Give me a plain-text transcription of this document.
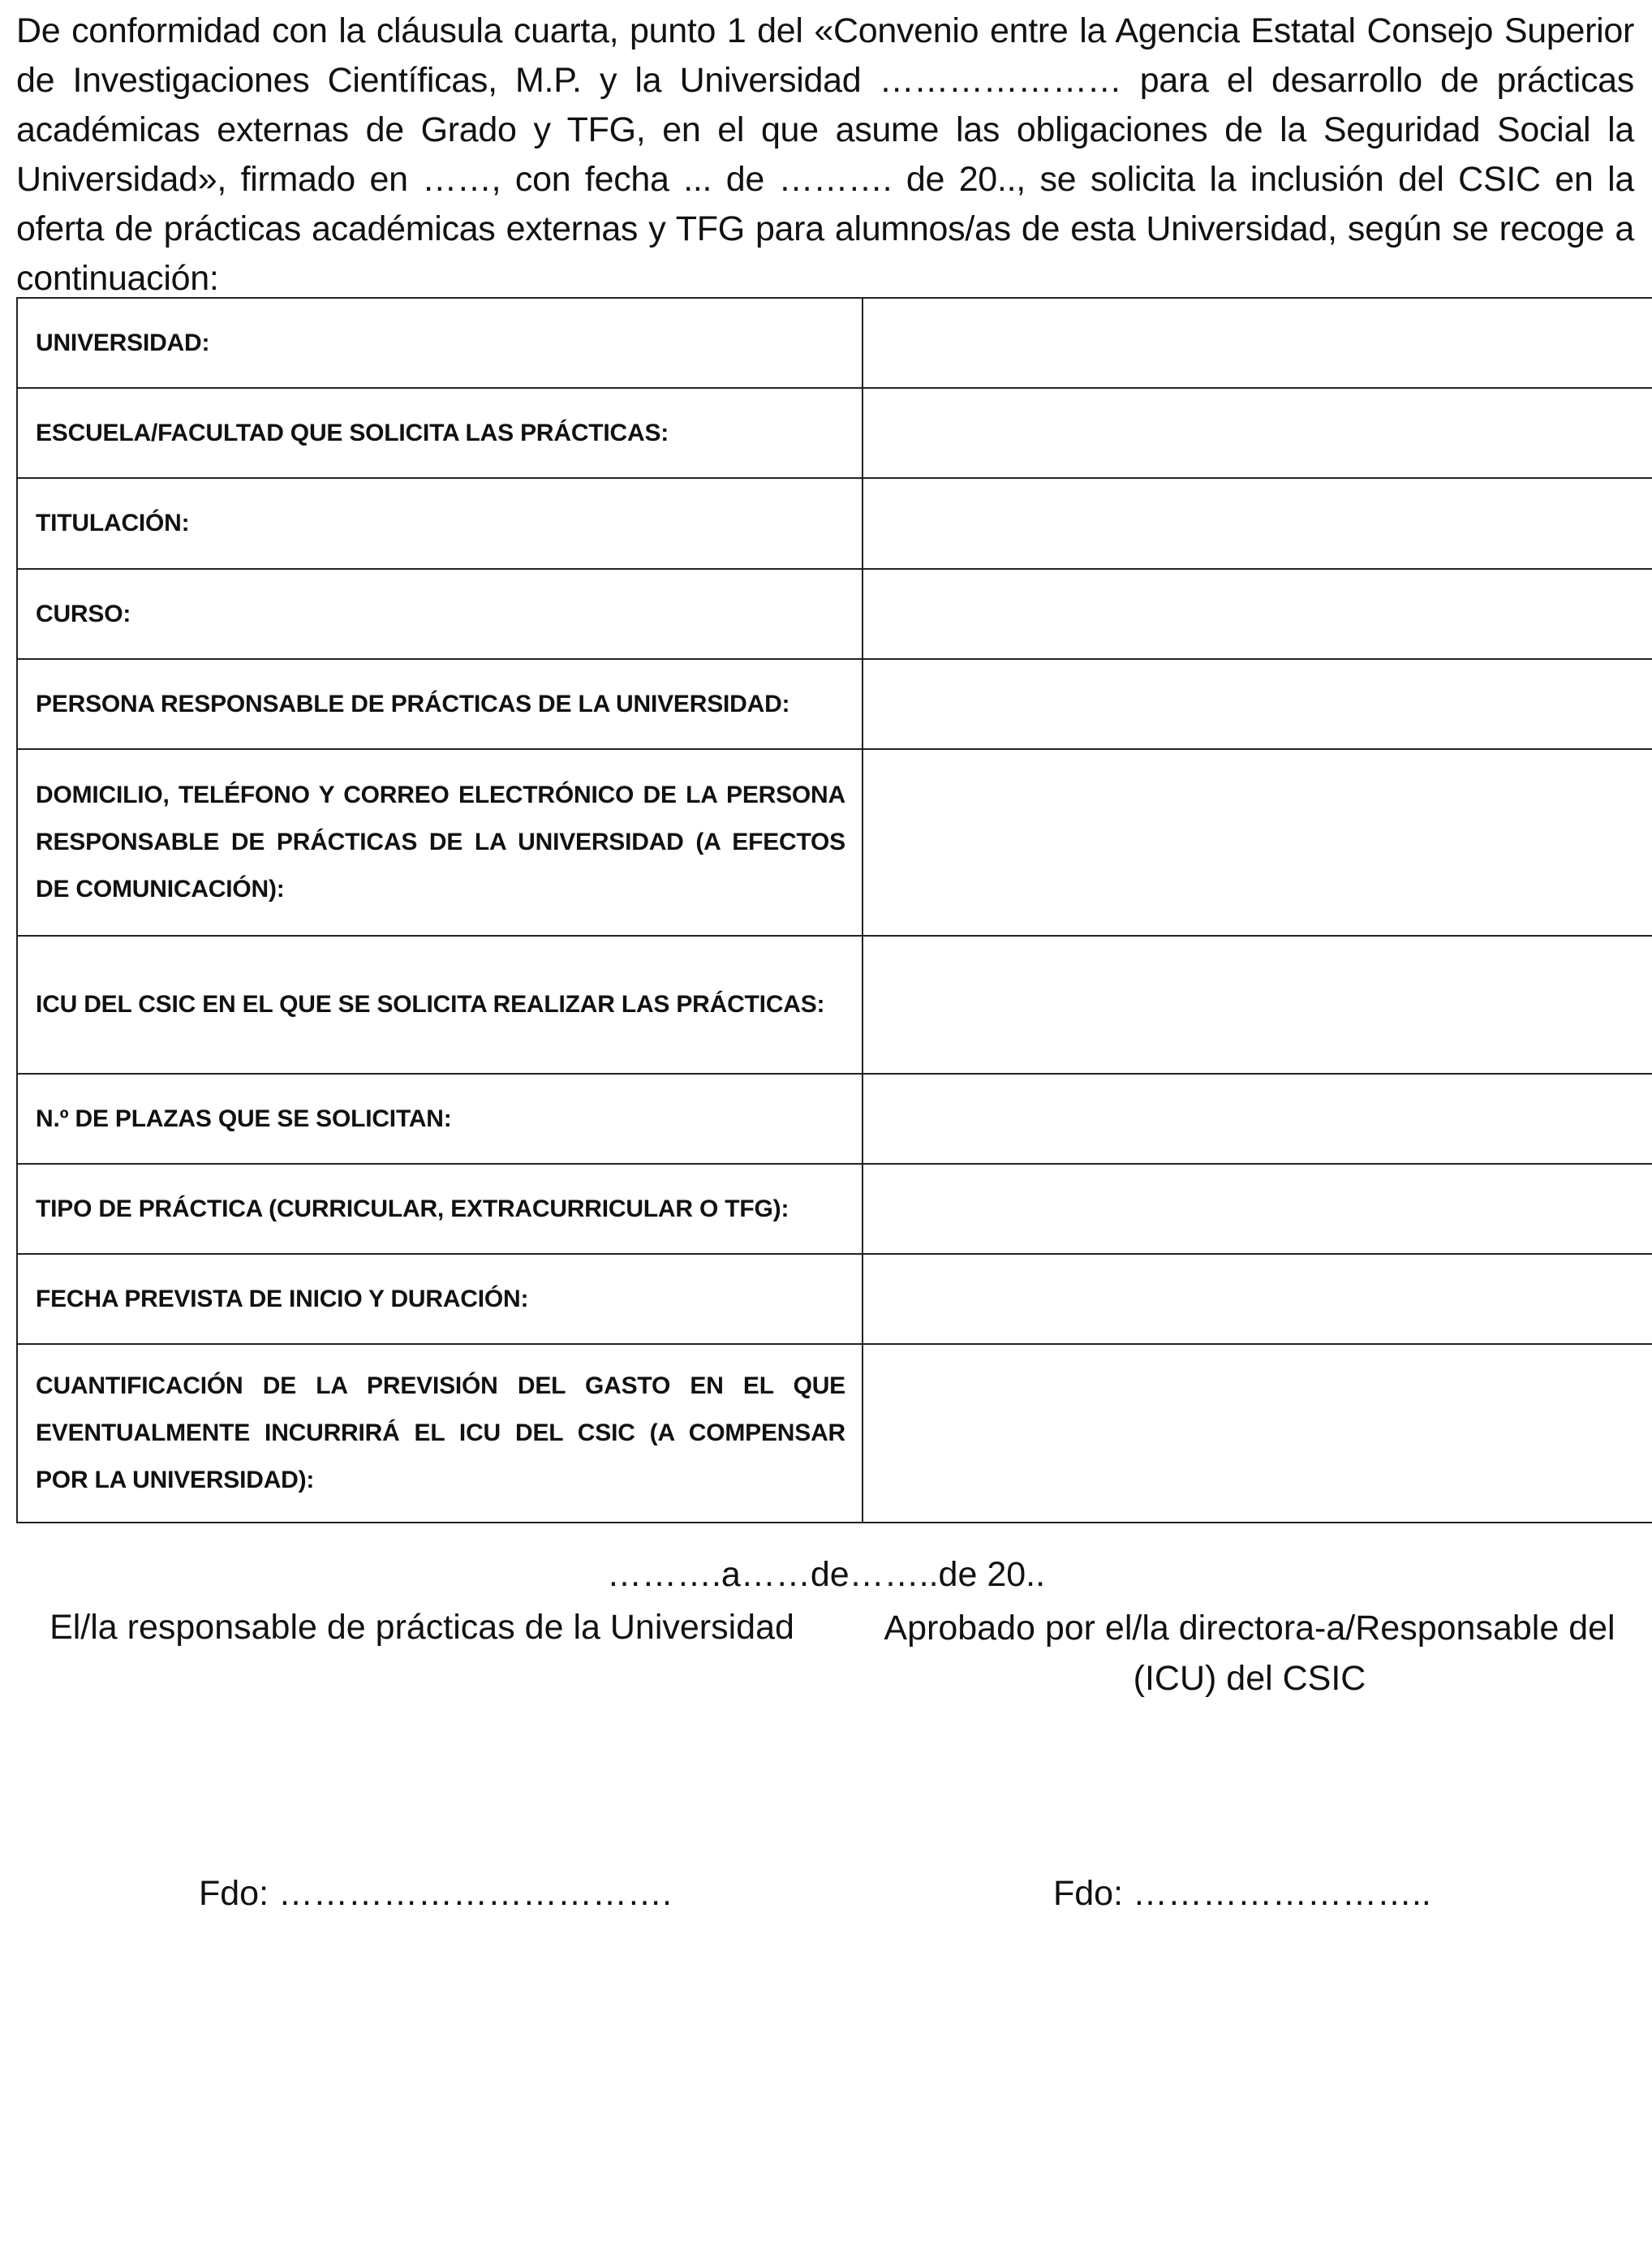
De conformidad con la cláusula cuarta, punto 1 del «Convenio entre la Agencia Estatal Consejo Superior de Investigaciones Científicas, M.P. y la Universidad ………………… para el desarrollo de prácticas académicas externas de Grado y TFG, en el que asume las obligaciones de la Seguridad Social la Universidad», firmado en ……, con fecha ... de ………. de 20.., se solicita la inclusión del CSIC en la oferta de prácticas académicas externas y TFG para alumnos/as de esta Universidad, según se recoge a continuación:

UNIVERSIDAD:	

ESCUELA/FACULTAD QUE SOLICITA LAS PRÁCTICAS:	

TITULACIÓN:	

CURSO:	

PERSONA RESPONSABLE DE PRÁCTICAS DE LA UNIVERSIDAD:	

DOMICILIO, TELÉFONO Y CORREO ELECTRÓNICO DE LA PERSONA RESPONSABLE DE PRÁCTICAS DE LA UNIVERSIDAD (A EFECTOS DE COMUNICACIÓN):	

ICU DEL CSIC EN EL QUE SE SOLICITA REALIZAR LAS PRÁCTICAS:	

N.º DE PLAZAS QUE SE SOLICITAN:	

TIPO DE PRÁCTICA (CURRICULAR, EXTRACURRICULAR O TFG):	

FECHA PREVISTA DE INICIO Y DURACIÓN:	

CUANTIFICACIÓN DE LA PREVISIÓN DEL GASTO EN EL QUE EVENTUALMENTE INCURRIRÁ EL ICU DEL CSIC (A COMPENSAR POR LA UNIVERSIDAD):	

……….a……de……..de 20..
El/la responsable de prácticas de la Universidad	Aprobado por el/la directora-a/Responsable del (ICU) del CSIC
Fdo: …………………………….	Fdo: ……………………..
